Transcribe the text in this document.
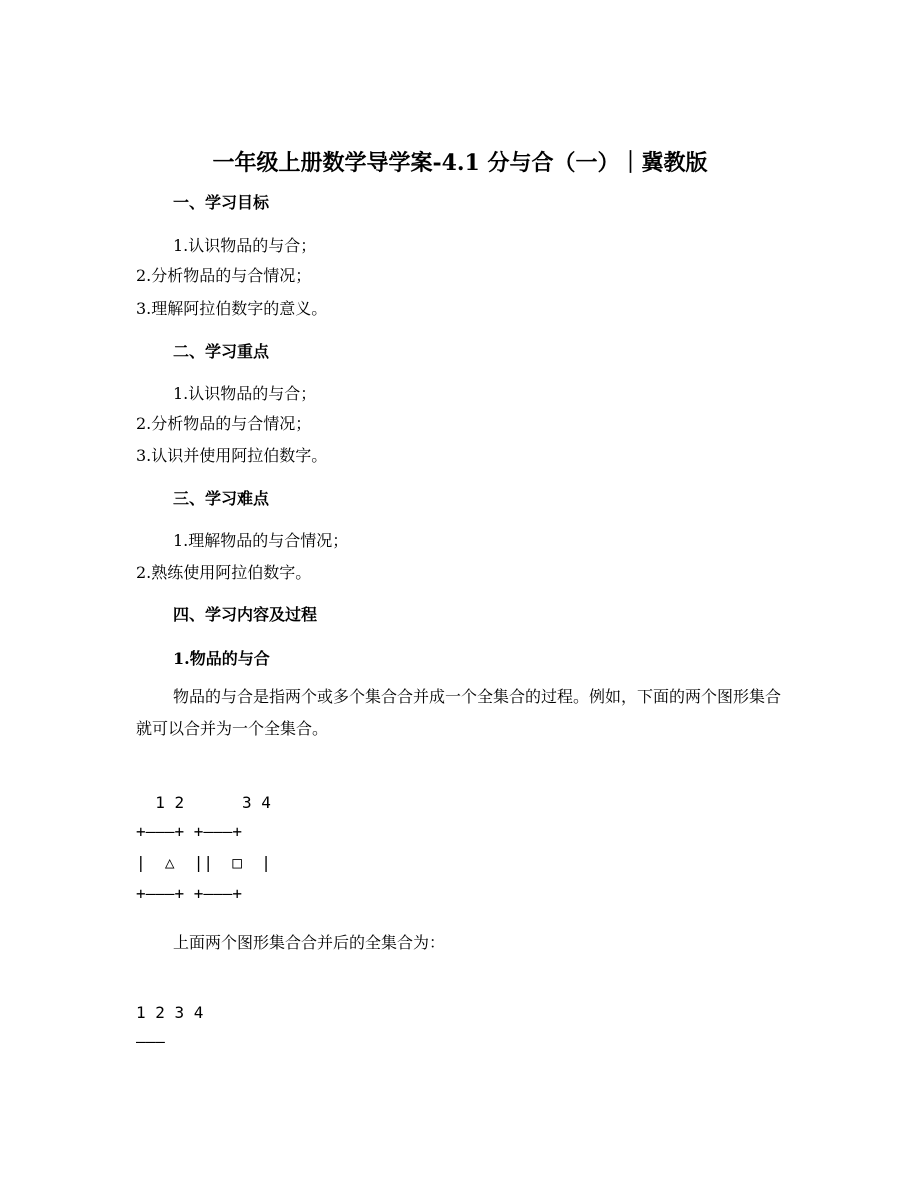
一年级上册数学导学案-4.1 分与合（一）｜冀教版
一、学习目标
1.认识物品的与合；
2.分析物品的与合情况；
3.理解阿拉伯数字的意义。
二、学习重点
1.认识物品的与合；
2.分析物品的与合情况；
3.认识并使用阿拉伯数字。
三、学习难点
1.理解物品的与合情况；
2.熟练使用阿拉伯数字。
四、学习内容及过程
1.物品的与合
物品的与合是指两个或多个集合合并成一个全集合的过程。例如，下面的两个图形集合就可以合并为一个全集合。
1 2      3 4
+———+ +———+
|  △  ||  □  |
+———+ +———+
上面两个图形集合合并后的全集合为：
1 2 3 4
———
